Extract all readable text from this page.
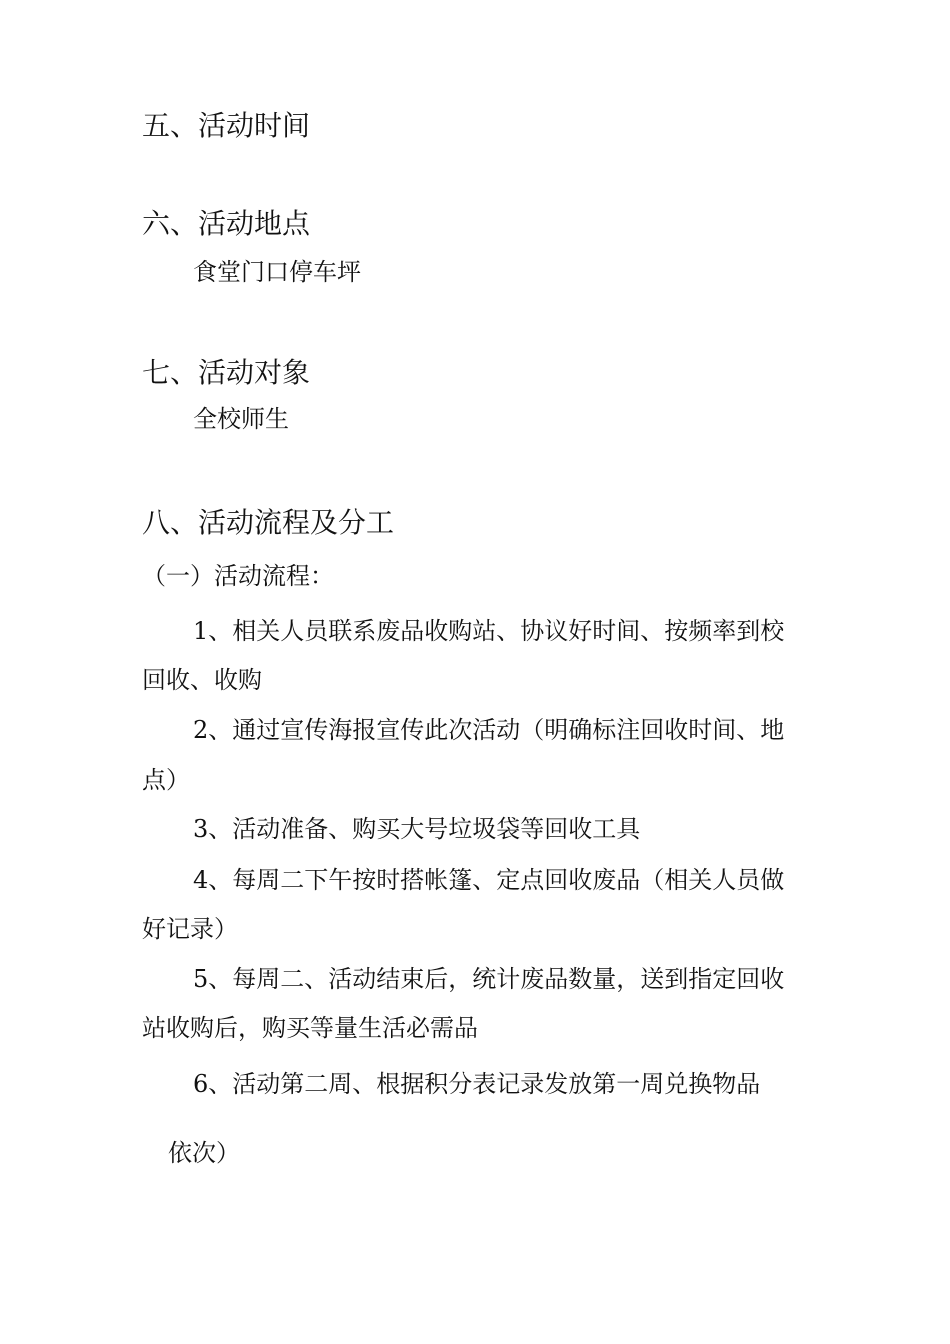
五、活动时间
六、活动地点
食堂门口停车坪
七、活动对象
全校师生
八、活动流程及分工
（一）活动流程：
1、相关人员联系废品收购站、协议好时间、按频率到校
回收、收购
2、通过宣传海报宣传此次活动（明确标注回收时间、地
点）
3、活动准备、购买大号垃圾袋等回收工具
4、每周二下午按时搭帐篷、定点回收废品（相关人员做
好记录）
5、每周二、活动结束后，统计废品数量，送到指定回收
站收购后，购买等量生活必需品
6、活动第二周、根据积分表记录发放第一周兑换物品
依次）
